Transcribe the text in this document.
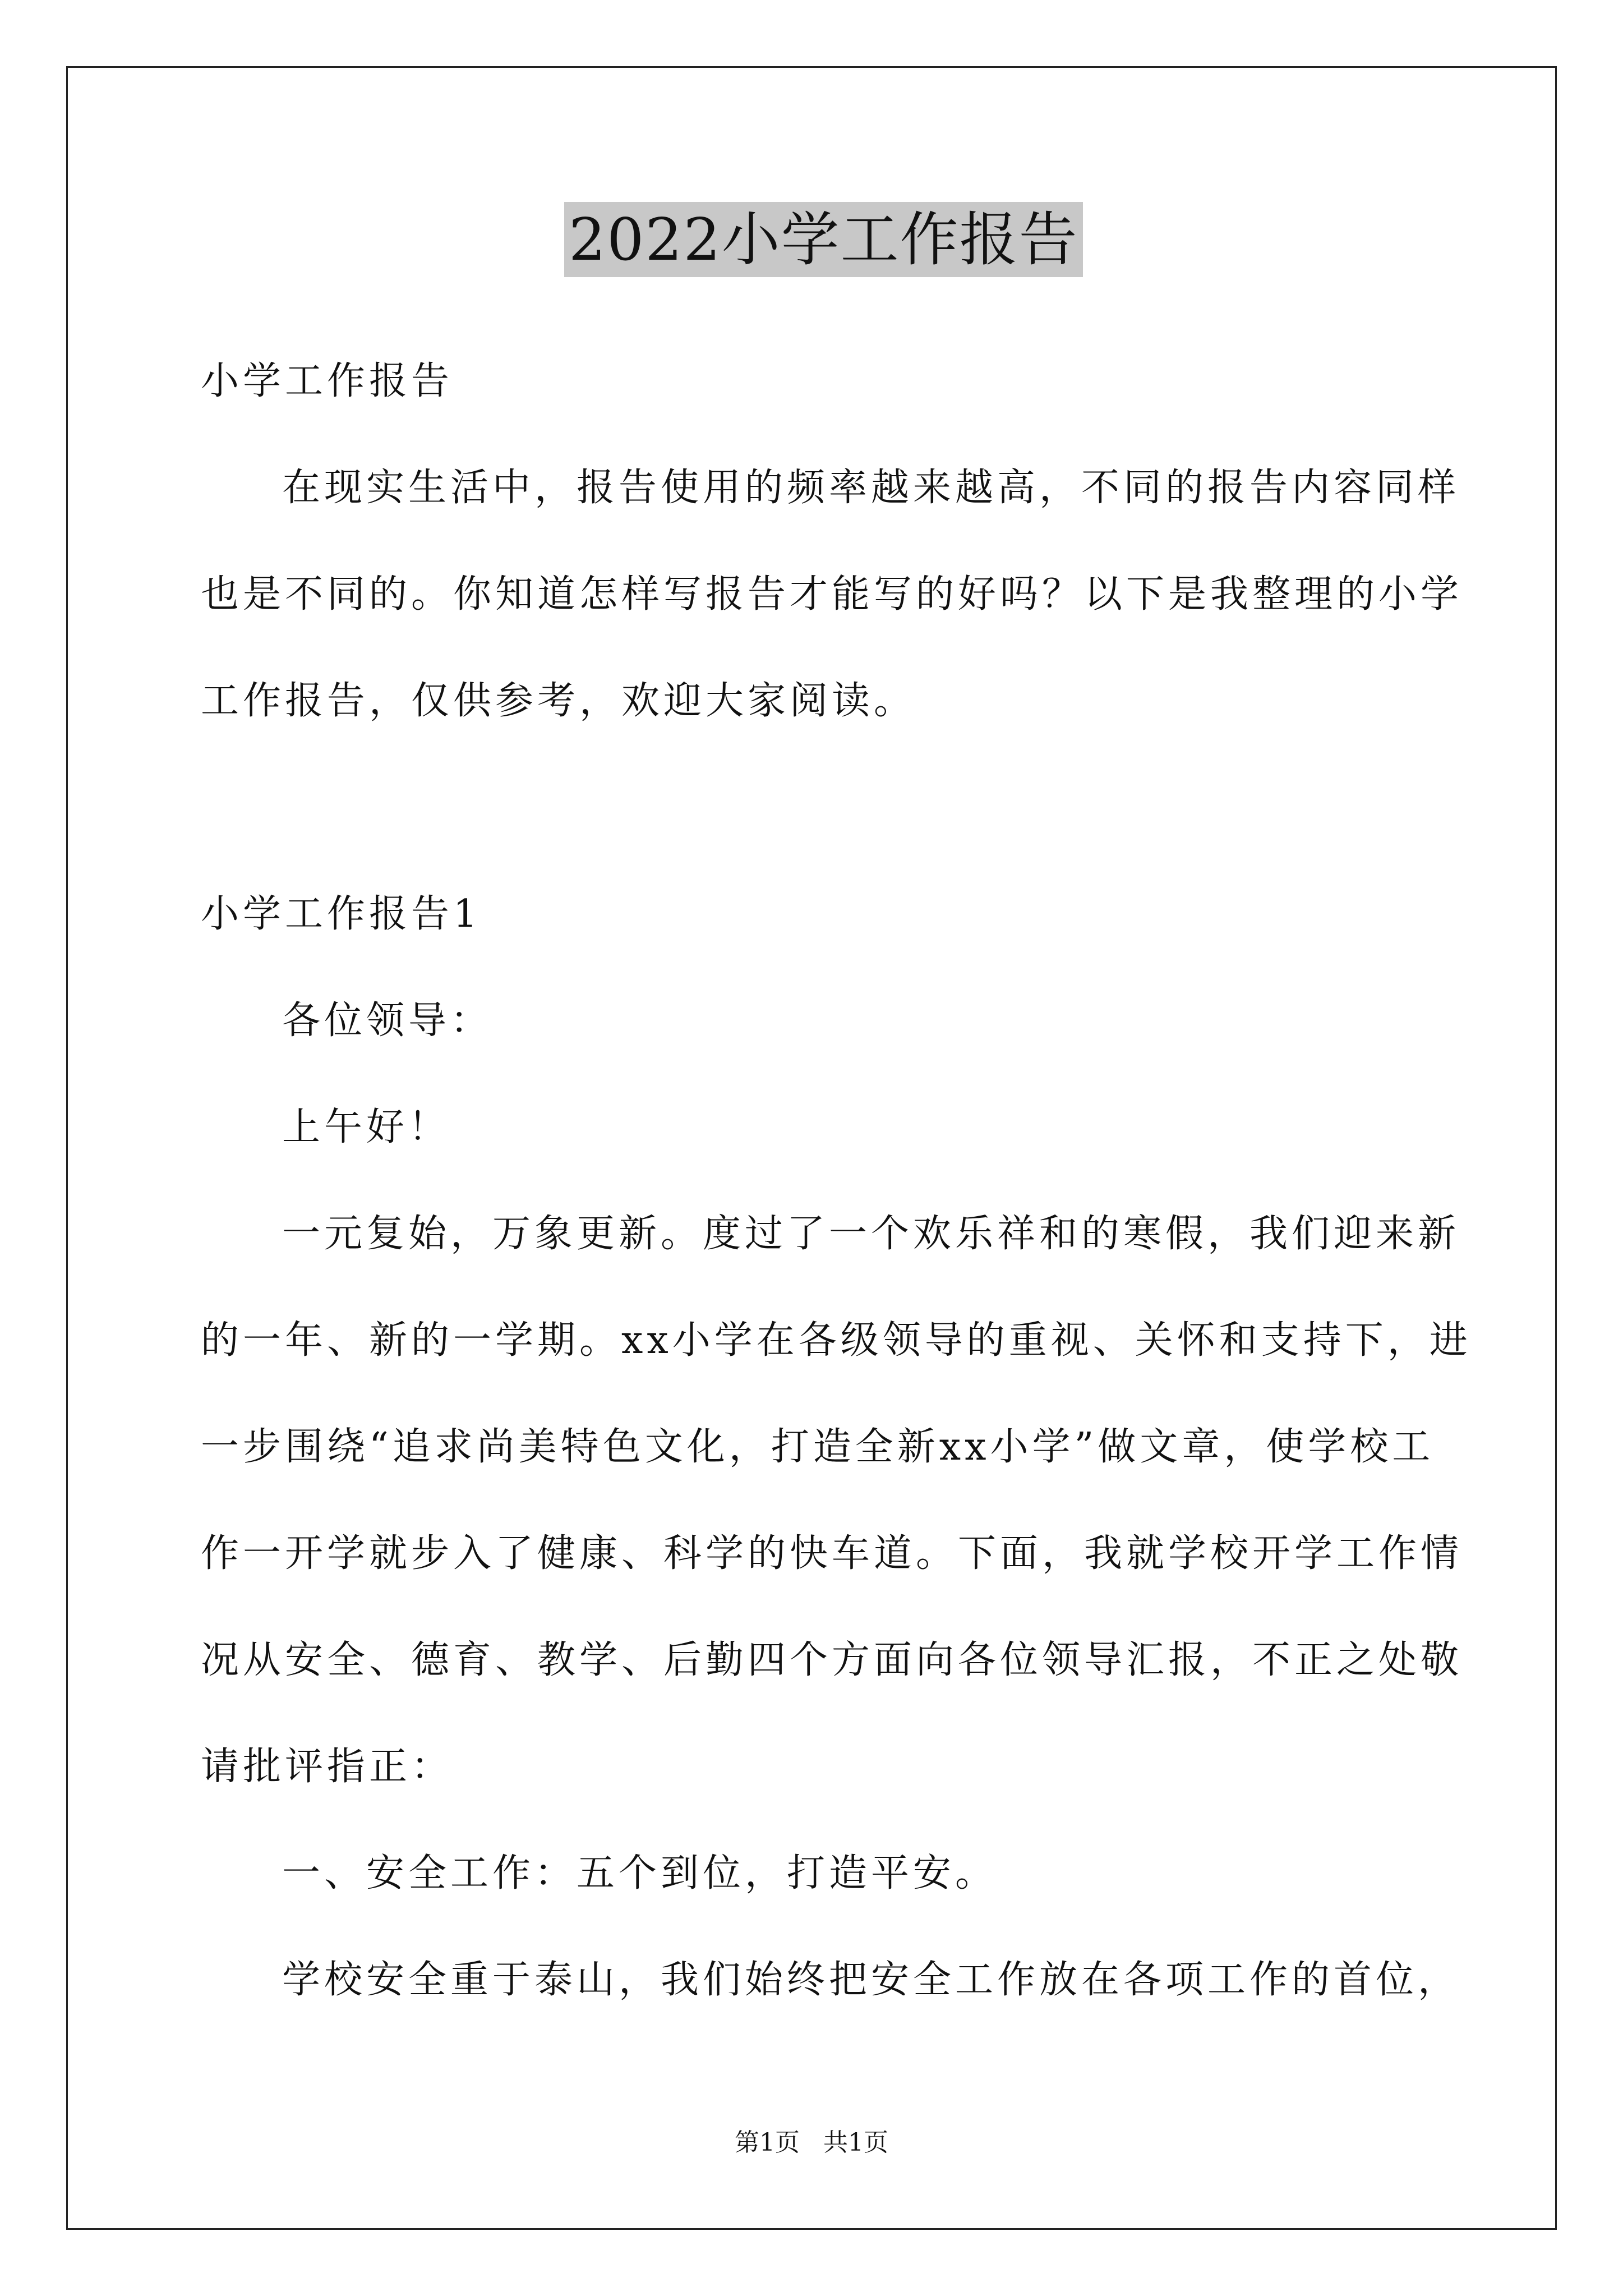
2022小学工作报告
小学工作报告
在现实生活中，报告使用的频率越来越高，不同的报告内容同样
也是不同的。你知道怎样写报告才能写的好吗？以下是我整理的小学
工作报告，仅供参考，欢迎大家阅读。
小学工作报告1
各位领导：
上午好！
一元复始，万象更新。度过了一个欢乐祥和的寒假，我们迎来新
的一年、新的一学期。xx小学在各级领导的重视、关怀和支持下，进
一步围绕“追求尚美特色文化，打造全新xx小学”做文章，使学校工
作一开学就步入了健康、科学的快车道。下面，我就学校开学工作情
况从安全、德育、教学、后勤四个方面向各位领导汇报，不正之处敬
请批评指正：
一、安全工作：五个到位，打造平安。
学校安全重于泰山，我们始终把安全工作放在各项工作的首位，
第1页   共1页
